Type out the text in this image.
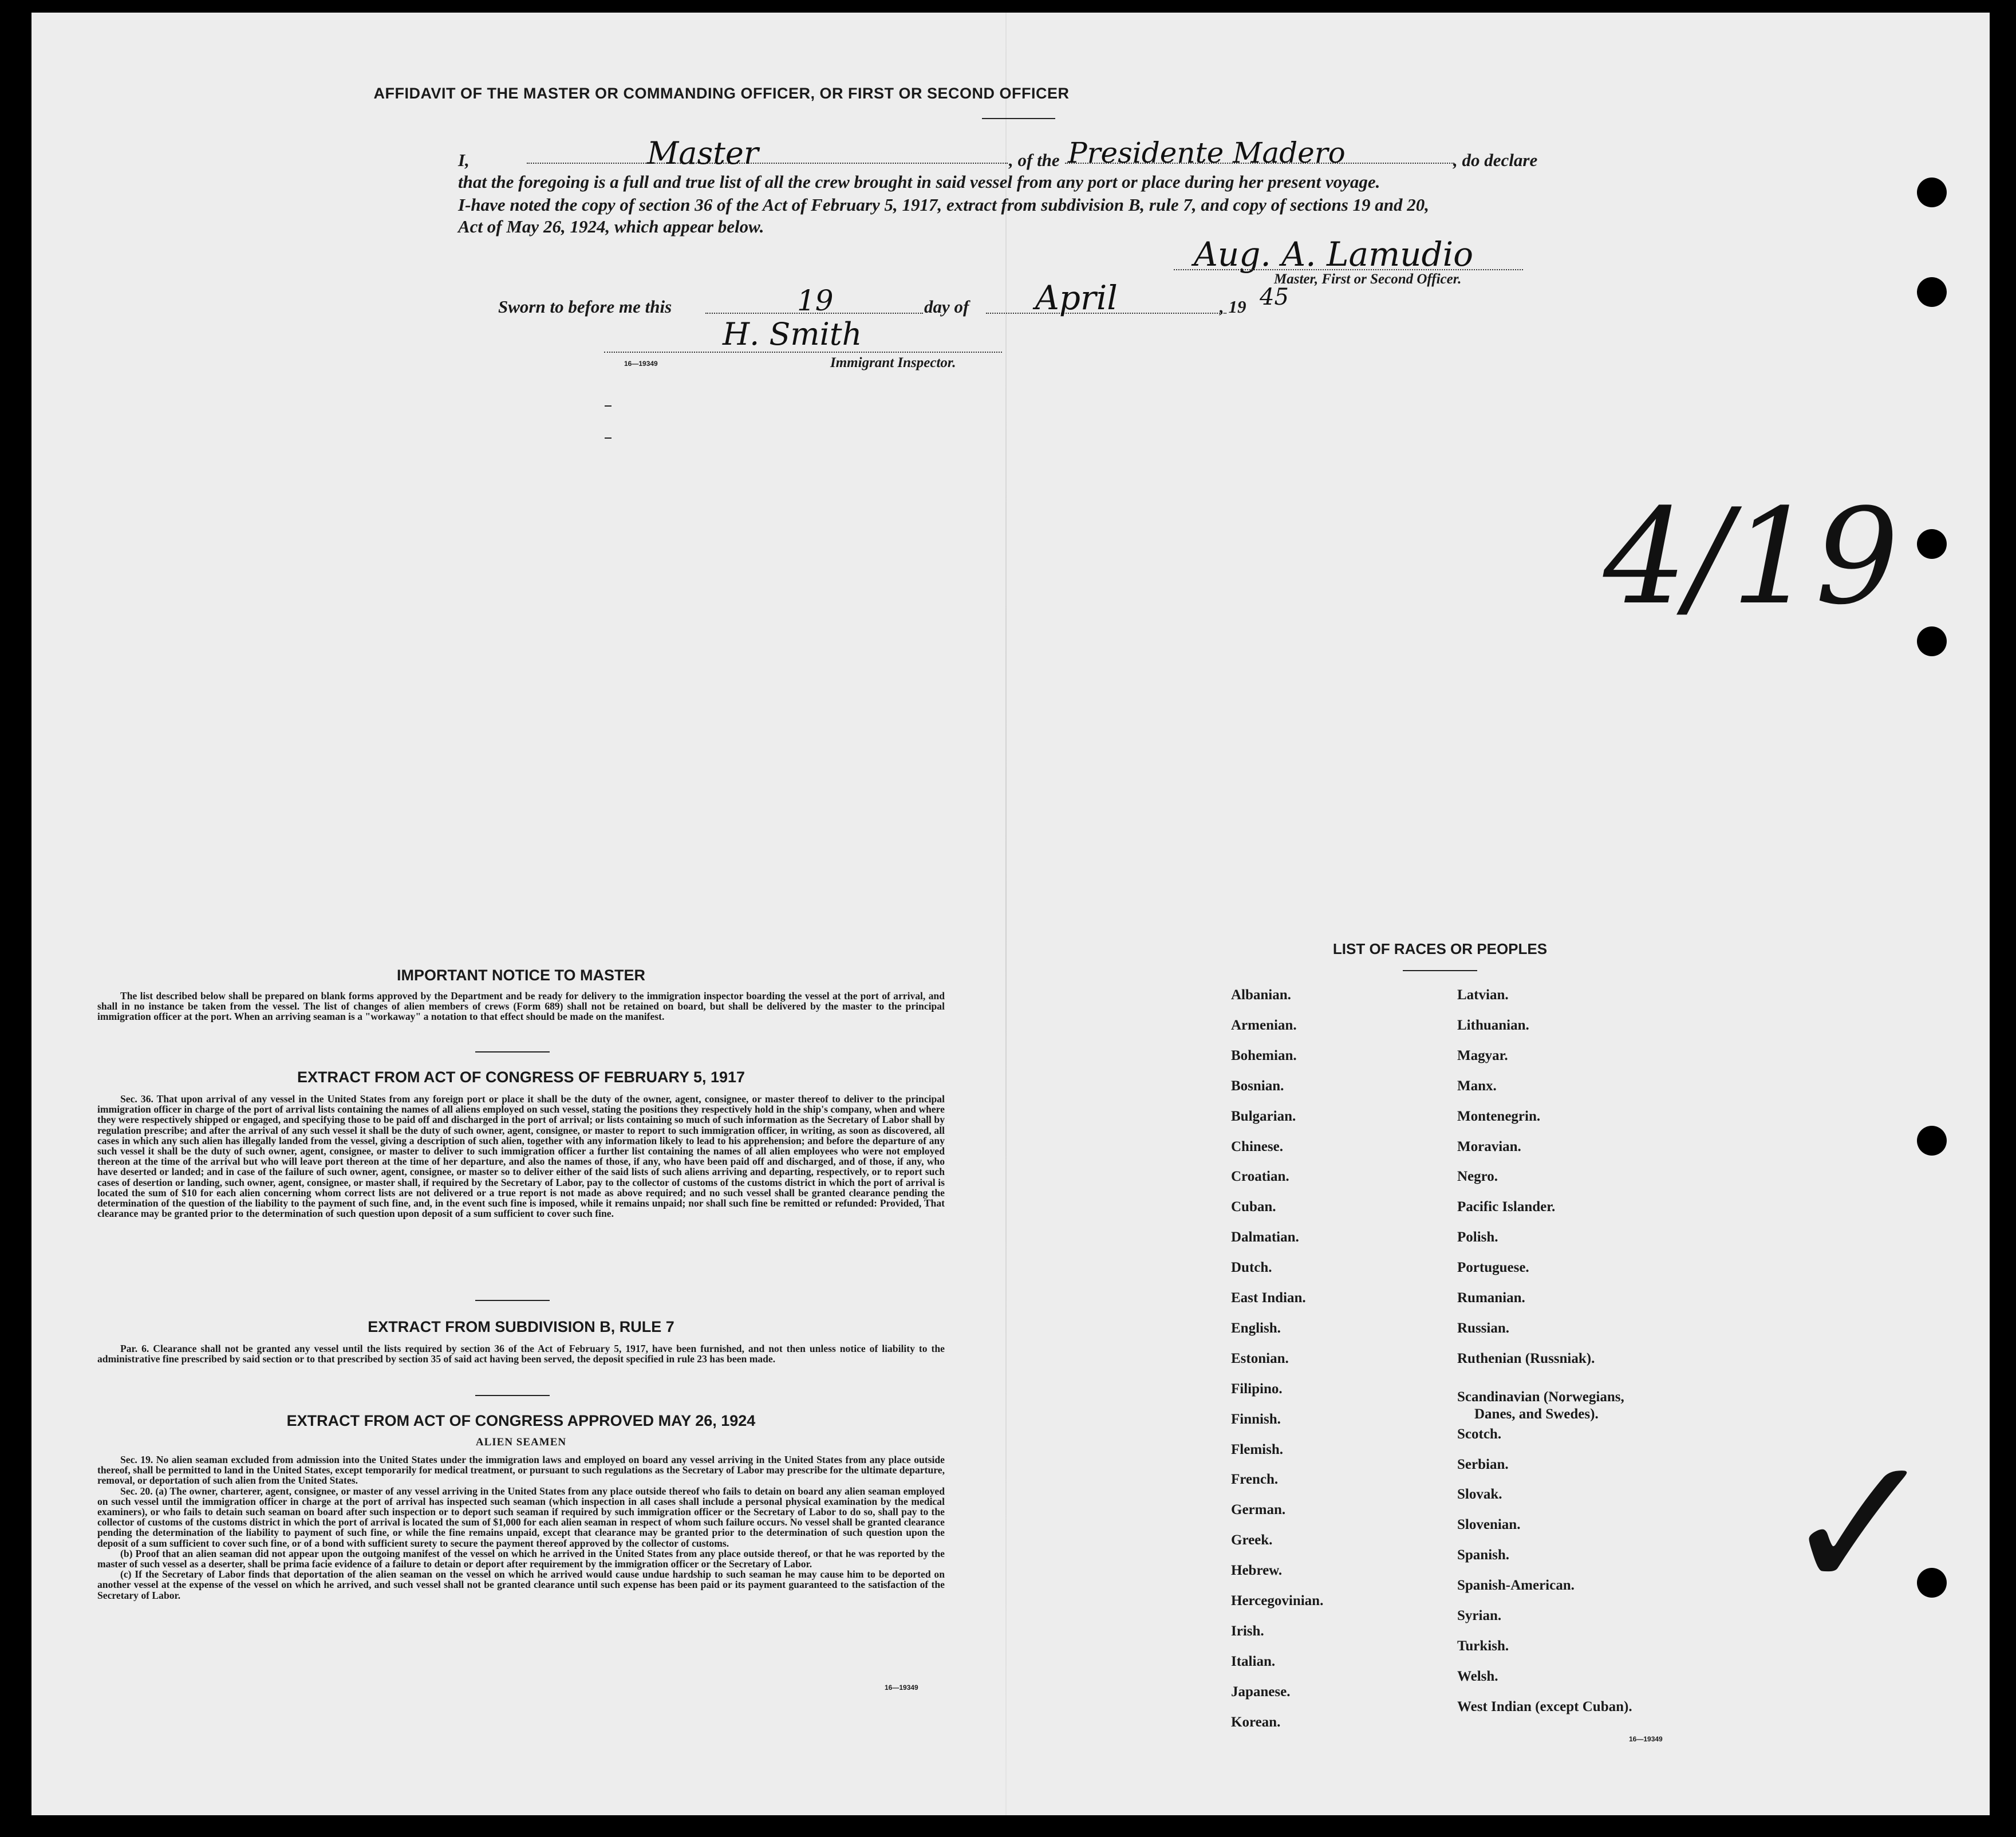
AFFIDAVIT OF THE MASTER OR COMMANDING OFFICER, OR FIRST OR SECOND OFFICER
I,	Master	, of the Presidente Madero	, do declare
that the foregoing is a full and true list of all the crew brought in said vessel from any port or place during her present voyage.
I-have noted the copy of section 36 of the Act of February 5, 1917, extract from subdivision B, rule 7, and copy of sections 19 and 20,
Act of May 26, 1924, which appear below.
Aug. A. Lamudio
Master, First or Second Officer.
Sworn to before me this	19	day of April	, 19 45
H. Smith
16—19349	Immigrant Inspector.
4/19
✓
IMPORTANT NOTICE TO MASTER

The list described below shall be prepared on blank forms approved by the Department and be ready for delivery to the immigration inspector boarding the vessel at the port of arrival, and shall in no instance be taken from the vessel. The list of changes of alien members of crews (Form 689) shall not be retained on board, but shall be delivered by the master to the principal immigration officer at the port. When an arriving seaman is a "workaway" a notation to that effect should be made on the manifest.

EXTRACT FROM ACT OF CONGRESS OF FEBRUARY 5, 1917

Sec. 36. That upon arrival of any vessel in the United States from any foreign port or place it shall be the duty of the owner, agent, consignee, or master thereof to deliver to the principal immigration officer in charge of the port of arrival lists containing the names of all aliens employed on such vessel, stating the positions they respectively hold in the ship's company, when and where they were respectively shipped or engaged, and specifying those to be paid off and discharged in the port of arrival; or lists containing so much of such information as the Secretary of Labor shall by regulation prescribe; and after the arrival of any such vessel it shall be the duty of such owner, agent, consignee, or master to report to such immigration officer, in writing, as soon as discovered, all cases in which any such alien has illegally landed from the vessel, giving a description of such alien, together with any information likely to lead to his apprehension; and before the departure of any such vessel it shall be the duty of such owner, agent, consignee, or master to deliver to such immigration officer a further list containing the names of all alien employees who were not employed thereon at the time of the arrival but who will leave port thereon at the time of her departure, and also the names of those, if any, who have been paid off and discharged, and of those, if any, who have deserted or landed; and in case of the failure of such owner, agent, consignee, or master so to deliver either of the said lists of such aliens arriving and departing, respectively, or to report such cases of desertion or landing, such owner, agent, consignee, or master shall, if required by the Secretary of Labor, pay to the collector of customs of the customs district in which the port of arrival is located the sum of $10 for each alien concerning whom correct lists are not delivered or a true report is not made as above required; and no such vessel shall be granted clearance pending the determination of the question of the liability to the payment of such fine, and, in the event such fine is imposed, while it remains unpaid; nor shall such fine be remitted or refunded: Provided, That clearance may be granted prior to the determination of such question upon deposit of a sum sufficient to cover such fine.

EXTRACT FROM SUBDIVISION B, RULE 7

Par. 6. Clearance shall not be granted any vessel until the lists required by section 36 of the Act of February 5, 1917, have been furnished, and not then unless notice of liability to the administrative fine prescribed by said section or to that prescribed by section 35 of said act having been served, the deposit specified in rule 23 has been made.

EXTRACT FROM ACT OF CONGRESS APPROVED MAY 26, 1924
ALIEN SEAMEN

Sec. 19. No alien seaman excluded from admission into the United States under the immigration laws and employed on board any vessel arriving in the United States from any place outside thereof, shall be permitted to land in the United States, except temporarily for medical treatment, or pursuant to such regulations as the Secretary of Labor may prescribe for the ultimate departure, removal, or deportation of such alien from the United States.

Sec. 20. (a) The owner, charterer, agent, consignee, or master of any vessel arriving in the United States from any place outside thereof who fails to detain on board any alien seaman employed on such vessel until the immigration officer in charge at the port of arrival has inspected such seaman (which inspection in all cases shall include a personal physical examination by the medical examiners), or who fails to detain such seaman on board after such inspection or to deport such seaman if required by such immigration officer or the Secretary of Labor to do so, shall pay to the collector of customs of the customs district in which the port of arrival is located the sum of $1,000 for each alien seaman in respect of whom such failure occurs. No vessel shall be granted clearance pending the determination of the liability to payment of such fine, or while the fine remains unpaid, except that clearance may be granted prior to the determination of such question upon the deposit of a sum sufficient to cover such fine, or of a bond with sufficient surety to secure the payment thereof approved by the collector of customs.

(b) Proof that an alien seaman did not appear upon the outgoing manifest of the vessel on which he arrived in the United States from any place outside thereof, or that he was reported by the master of such vessel as a deserter, shall be prima facie evidence of a failure to detain or deport after requirement by the immigration officer or the Secretary of Labor.

(c) If the Secretary of Labor finds that deportation of the alien seaman on the vessel on which he arrived would cause undue hardship to such seaman he may cause him to be deported on another vessel at the expense of the vessel on which he arrived, and such vessel shall not be granted clearance until such expense has been paid or its payment guaranteed to the satisfaction of the Secretary of Labor.

16—19349
LIST OF RACES OR PEOPLES
Albanian.
Armenian.
Bohemian.
Bosnian.
Bulgarian.
Chinese.
Croatian.
Cuban.
Dalmatian.
Dutch.
East Indian.
English.
Estonian.
Filipino.
Finnish.
Flemish.
French.
German.
Greek.
Hebrew.
Hercegovinian.
Irish.
Italian.
Japanese.
Korean.
Latvian.
Lithuanian.
Magyar.
Manx.
Montenegrin.
Moravian.
Negro.
Pacific Islander.
Polish.
Portuguese.
Rumanian.
Russian.
Ruthenian (Russniak).
Scandinavian (Norwegians,
Danes, and Swedes).
Scotch.
Serbian.
Slovak.
Slovenian.
Spanish.
Spanish-American.
Syrian.
Turkish.
Welsh.
West Indian (except Cuban).
16—19349
